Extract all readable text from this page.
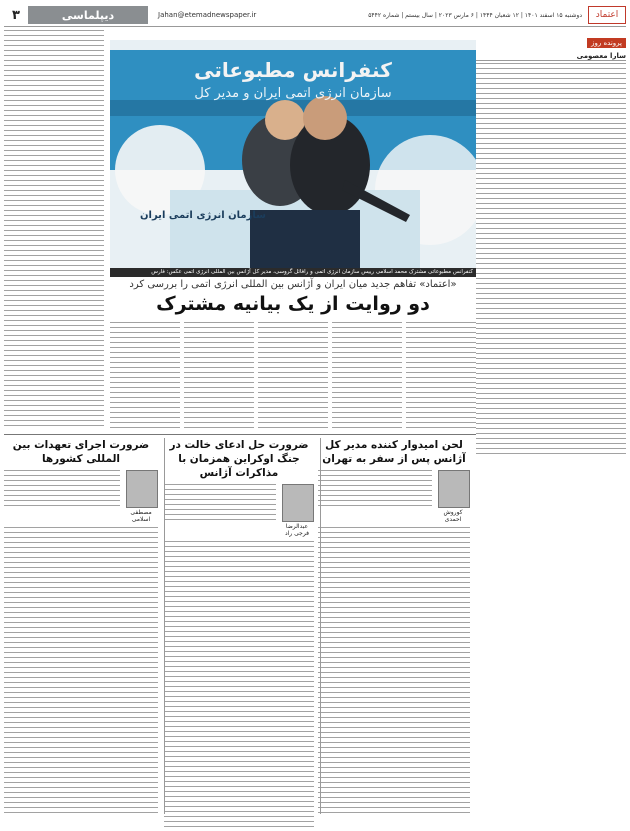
اعتماد
دوشنبه ۱۵ اسفند ۱۴۰۱ | ۱۲ شعبان ۱۴۴۴ | ۶ مارس ۲۰۲۳ | سال بیستم | شماره ۵۴۴۲
Jahan@etemadnewspaper.ir
دیپلماسی
۳
پرونده روز
سارا معصومی
کنفرانس مطبوعاتی
سازمان انرژی اتمی ایران و مدیر کل
سازمان انرژی اتمی ایران
کنفرانس مطبوعاتی مشترک محمد اسلامی رییس سازمان انرژی اتمی و رافائل گروسی، مدیر کل آژانس بین المللی انرژی اتمی عکس: فارس
«اعتماد» تفاهم جدید میان ایران و آژانس بین المللی انرژی اتمی را بررسی کرد
دو روایت از یک بیانیه مشترک
لحن امیدوار کننده مدیر کل آژانس پس از سفر به تهران
کوروش احمدی
ضرورت حل ادعای خالت در جنگ اوکراین همزمان با مذاکرات آژانس
عبدالرضا فرجی راد
ضرورت اجرای تعهدات بین المللی کشورها
مصطفی اسلامی
